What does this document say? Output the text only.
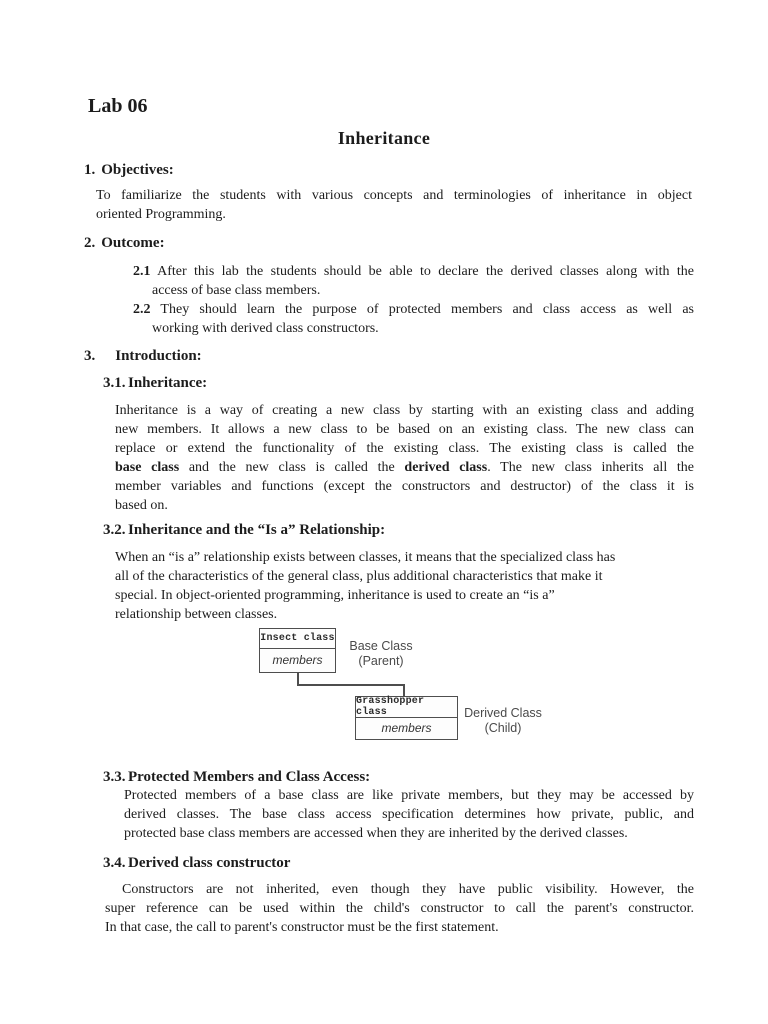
Lab 06
Inheritance
1. Objectives:
To familiarize the students with various concepts and terminologies of inheritance in object
oriented Programming.
2. Outcome:
2.1 After this lab the students should be able to declare the derived classes along with the
access of base class members.
2.2 They should learn the purpose of protected members and class access as well as
working with derived class constructors.
3. Introduction:
3.1. Inheritance:
Inheritance is a way of creating a new class by starting with an existing class and adding
new members. It allows a new class to be based on an existing class. The new class can
replace or extend the functionality of the existing class. The existing class is called the
base class and the new class is called the derived class. The new class inherits all the
member variables and functions (except the constructors and destructor) of the class it is
based on.
3.2. Inheritance and the “Is a” Relationship:
When an “is a” relationship exists between classes, it means that the specialized class has
all of the characteristics of the general class, plus additional characteristics that make it
special. In object-oriented programming, inheritance is used to create an “is a”
relationship between classes.
Insect class
members
Base Class
(Parent)
Grasshopper class
members
Derived Class
(Child)
3.3. Protected Members and Class Access:
Protected members of a base class are like private members, but they may be accessed by
derived classes. The base class access specification determines how private, public, and
protected base class members are accessed when they are inherited by the derived classes.
3.4. Derived class constructor
Constructors are not inherited, even though they have public visibility. However, the
super reference can be used within the child's constructor to call the parent's constructor.
In that case, the call to parent's constructor must be the first statement.
